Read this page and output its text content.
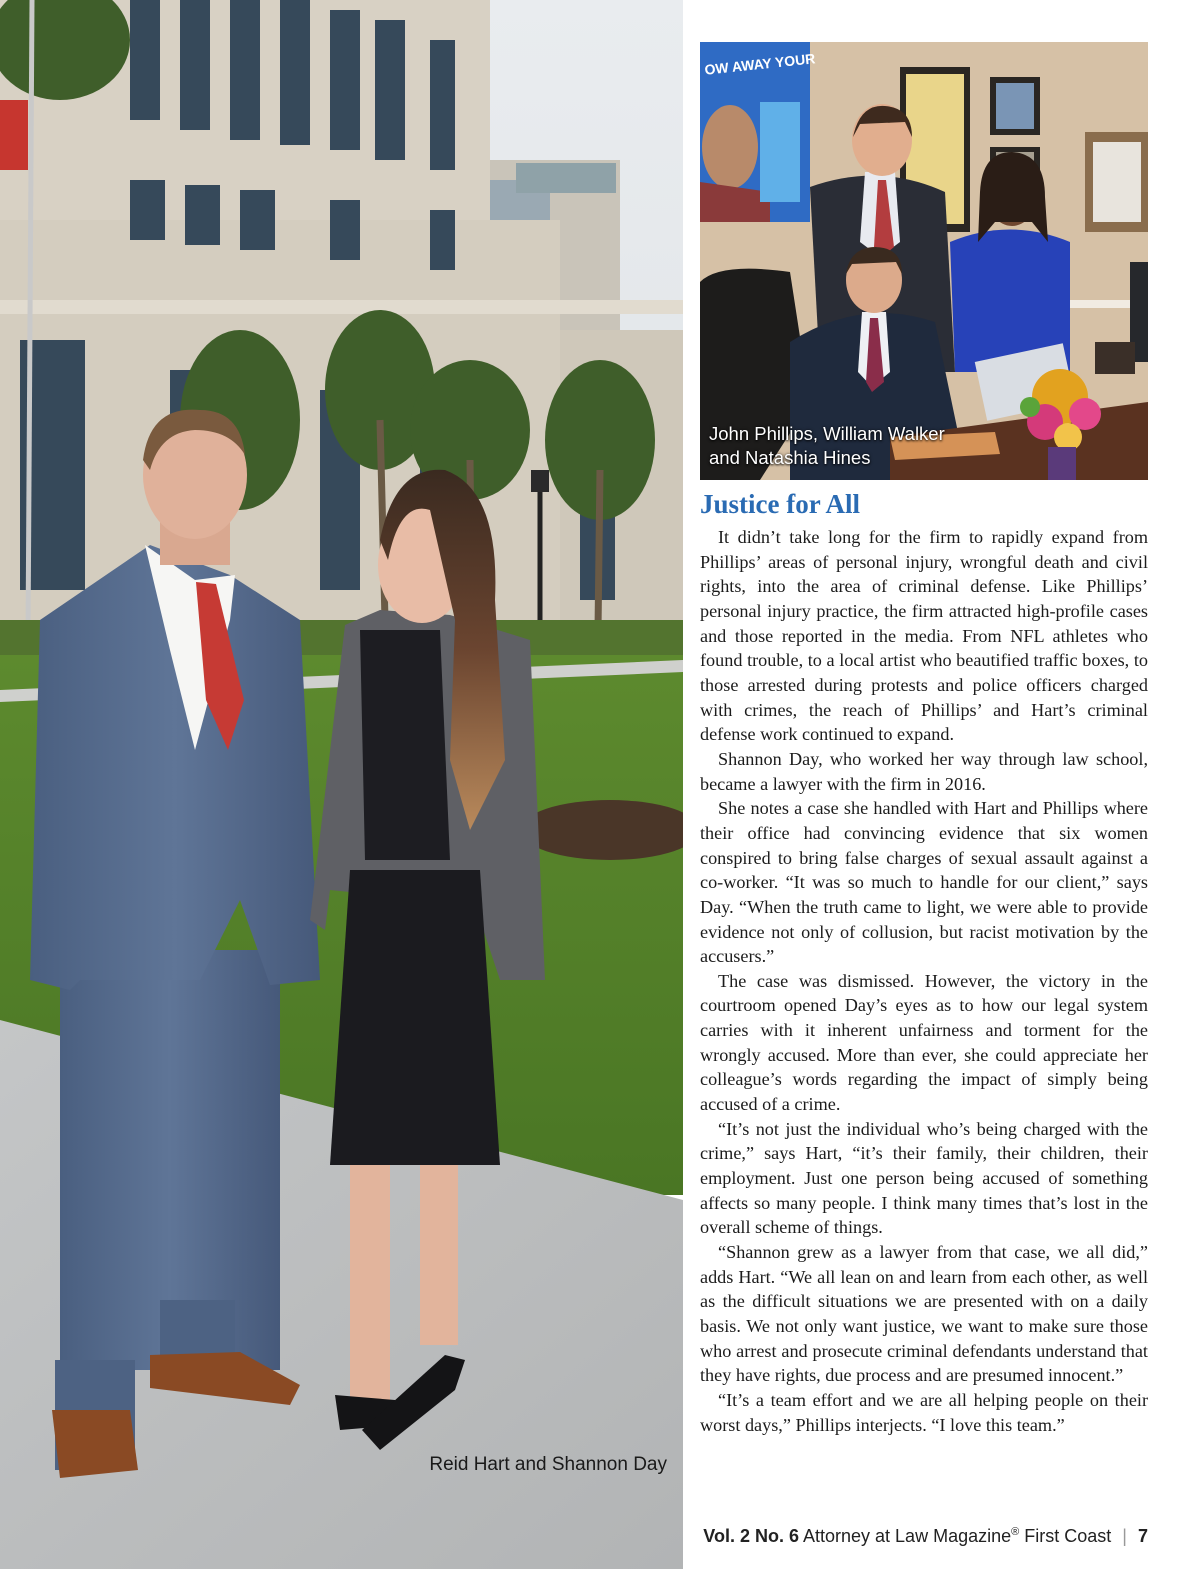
Reid Hart and Shannon Day
OW AWAY YOUR
John Phillips, William Walker
and Natashia Hines
Justice for All

It didn’t take long for the firm to rapidly expand from Phillips’ areas of personal injury, wrongful death and civil rights, into the area of criminal defense. Like Phillips’ personal injury practice, the firm attracted high-profile cases and those reported in the media. From NFL athletes who found trouble, to a local artist who beautified traffic boxes, to those arrested during protests and police officers charged with crimes, the reach of Phillips’ and Hart’s criminal defense work continued to expand.

Shannon Day, who worked her way through law school, became a lawyer with the firm in 2016.

She notes a case she handled with Hart and Phillips where their office had convincing evidence that six women conspired to bring false charges of sexual assault against a co-worker. “It was so much to handle for our client,” says Day. “When the truth came to light, we were able to provide evidence not only of collusion, but racist motivation by the accusers.”

The case was dismissed. However, the victory in the courtroom opened Day’s eyes as to how our legal system carries with it inherent unfairness and torment for the wrongly accused. More than ever, she could appreciate her colleague’s words regarding the impact of simply being accused of a crime.

“It’s not just the individual who’s being charged with the crime,” says Hart, “it’s their family, their children, their employment. Just one person being accused of something affects so many people. I think many times that’s lost in the overall scheme of things.

“Shannon grew as a lawyer from that case, we all did,” adds Hart. “We all lean on and learn from each other, as well as the difficult situations we are presented with on a daily basis. We not only want justice, we want to make sure those who arrest and prosecute criminal defendants understand that they have rights, due process and are presumed innocent.”

“It’s a team effort and we are all helping people on their worst days,” Phillips interjects. “I love this team.”

Vol. 2 No. 6 Attorney at Law Magazine® First Coast | 7
